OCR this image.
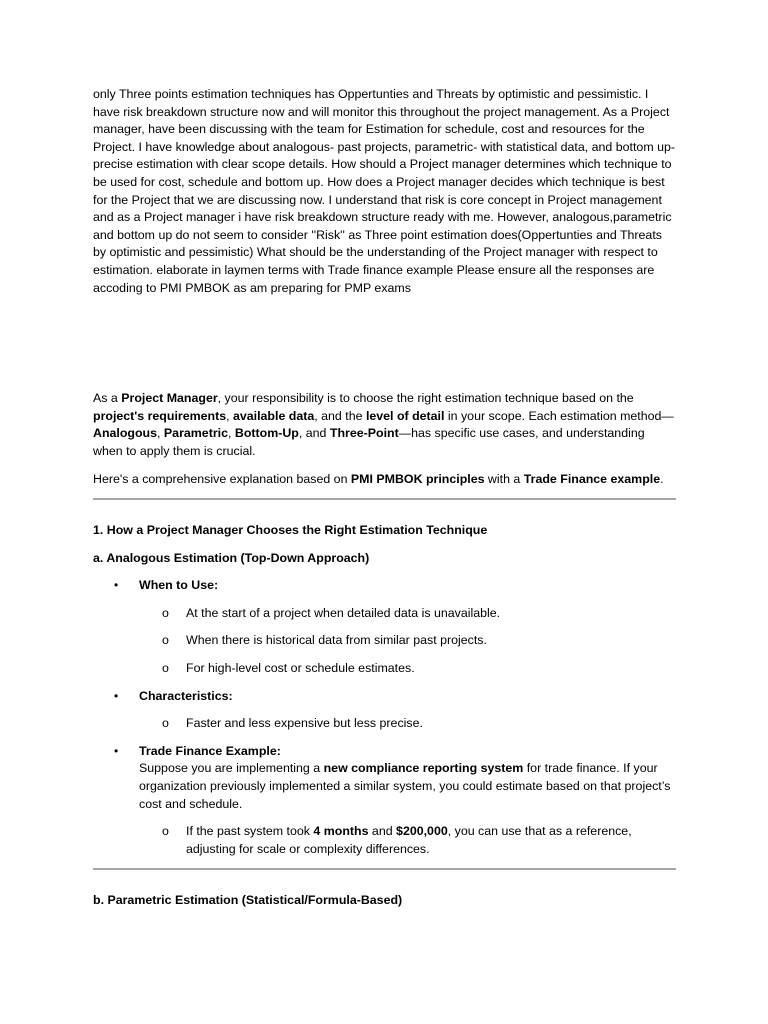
only Three points estimation techniques has Oppertunties and Threats by optimistic and pessimistic. I have risk breakdown structure now and will monitor this throughout the project management. As a Project manager, have been discussing with the team for Estimation for schedule, cost and resources for the Project. I have knowledge about analogous- past projects, parametric- with statistical data, and bottom up- precise estimation with clear scope details. How should a Project manager determines which technique to be used for cost, schedule and bottom up. How does a Project manager decides which technique is best for the Project that we are discussing now. I understand that risk is core concept in Project management and as a Project manager i have risk breakdown structure ready with me. However, analogous,parametric and bottom up do not seem to consider ''Risk'' as Three point estimation does(Oppertunties and Threats by optimistic and pessimistic) What should be the understanding of the Project manager with respect to estimation. elaborate in laymen terms with Trade finance example Please ensure all the responses are accoding to PMI PMBOK as am preparing for PMP exams

As a Project Manager, your responsibility is to choose the right estimation technique based on the project's requirements, available data, and the level of detail in your scope. Each estimation method—Analogous, Parametric, Bottom-Up, and Three-Point—has specific use cases, and understanding when to apply them is crucial.

Here's a comprehensive explanation based on PMI PMBOK principles with a Trade Finance example.

1. How a Project Manager Chooses the Right Estimation Technique

a. Analogous Estimation (Top-Down Approach)

• When to Use:
o At the start of a project when detailed data is unavailable.
o When there is historical data from similar past projects.
o For high-level cost or schedule estimates.
• Characteristics:
o Faster and less expensive but less precise.
• Trade Finance Example:
Suppose you are implementing a new compliance reporting system for trade finance. If your organization previously implemented a similar system, you could estimate based on that project’s cost and schedule.
o If the past system took 4 months and $200,000, you can use that as a reference, adjusting for scale or complexity differences.

b. Parametric Estimation (Statistical/Formula-Based)
